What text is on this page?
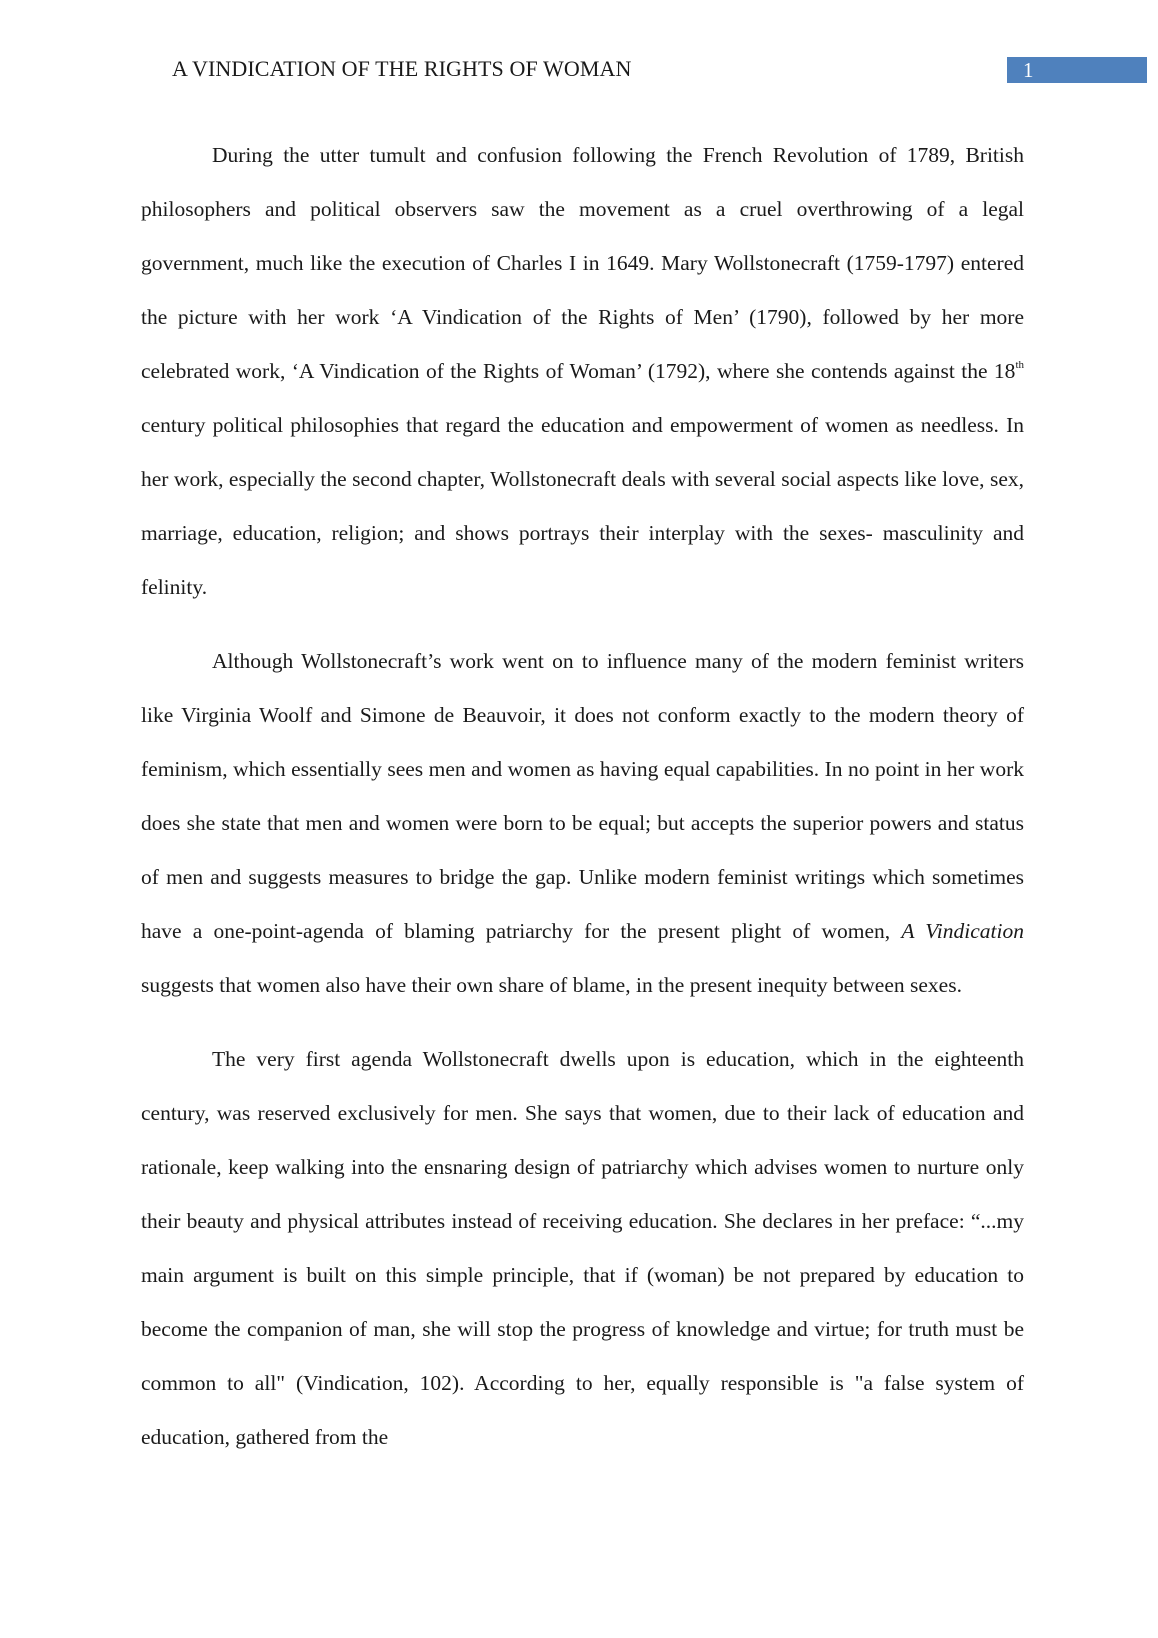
A VINDICATION OF THE RIGHTS OF WOMAN	1

During the utter tumult and confusion following the French Revolution of 1789, British philosophers and political observers saw the movement as a cruel overthrowing of a legal government, much like the execution of Charles I in 1649. Mary Wollstonecraft (1759-1797) entered the picture with her work ‘A Vindication of the Rights of Men’ (1790), followed by her more celebrated work, ‘A Vindication of the Rights of Woman’ (1792), where she contends against the 18th century political philosophies that regard the education and empowerment of women as needless. In her work, especially the second chapter, Wollstonecraft deals with several social aspects like love, sex, marriage, education, religion; and shows portrays their interplay with the sexes- masculinity and felinity.

Although Wollstonecraft’s work went on to influence many of the modern feminist writers like Virginia Woolf and Simone de Beauvoir, it does not conform exactly to the modern theory of feminism, which essentially sees men and women as having equal capabilities. In no point in her work does she state that men and women were born to be equal; but accepts the superior powers and status of men and suggests measures to bridge the gap. Unlike modern feminist writings which sometimes have a one-point-agenda of blaming patriarchy for the present plight of women, A Vindication suggests that women also have their own share of blame, in the present inequity between sexes.

The very first agenda Wollstonecraft dwells upon is education, which in the eighteenth century, was reserved exclusively for men. She says that women, due to their lack of education and rationale, keep walking into the ensnaring design of patriarchy which advises women to nurture only their beauty and physical attributes instead of receiving education. She declares in her preface: “...my main argument is built on this simple principle, that if (woman) be not prepared by education to become the companion of man, she will stop the progress of knowledge and virtue; for truth must be common to all" (Vindication, 102). According to her, equally responsible is "a false system of education, gathered from the
